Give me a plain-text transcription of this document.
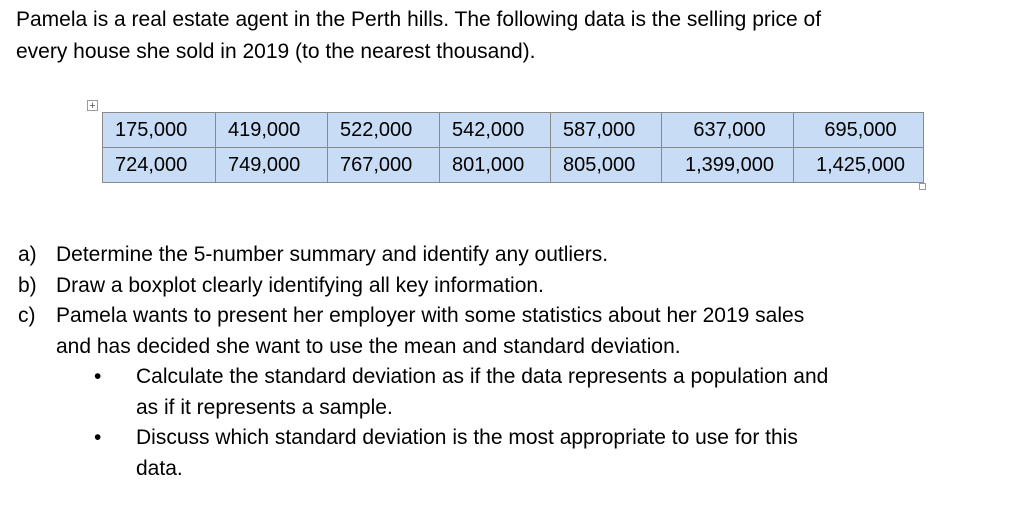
Pamela is a real estate agent in the Perth hills. The following data is the selling price of
every house she sold in 2019 (to the nearest thousand).
+
175,000	419,000	522,000	542,000	587,000	637,000	695,000
724,000	749,000	767,000	801,000	805,000	1,399,000	1,425,000
a) Determine the 5-number summary and identify any outliers.
b) Draw a boxplot clearly identifying all key information.
c) Pamela wants to present her employer with some statistics about her 2019 sales
and has decided she want to use the mean and standard deviation.
•	Calculate the standard deviation as if the data represents a population and
as if it represents a sample.
•	Discuss which standard deviation is the most appropriate to use for this
data.
